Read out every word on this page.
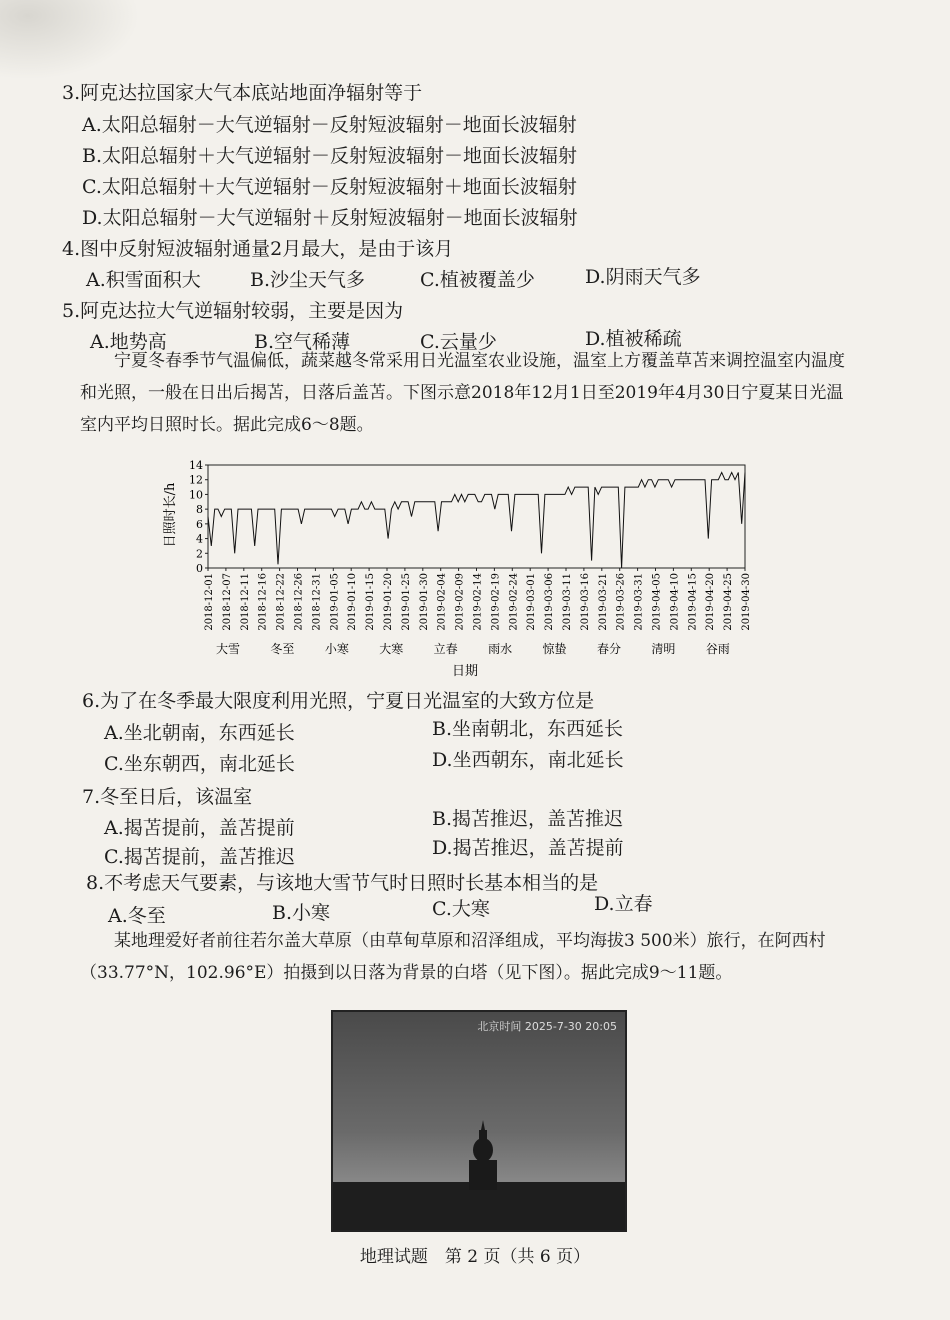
3.阿克达拉国家大气本底站地面净辐射等于
A.太阳总辐射－大气逆辐射－反射短波辐射－地面长波辐射
B.太阳总辐射＋大气逆辐射－反射短波辐射－地面长波辐射
C.太阳总辐射＋大气逆辐射－反射短波辐射＋地面长波辐射
D.太阳总辐射－大气逆辐射＋反射短波辐射－地面长波辐射
4.图中反射短波辐射通量2月最大，是由于该月
A.积雪面积大	B.沙尘天气多	C.植被覆盖少	D.阴雨天气多
5.阿克达拉大气逆辐射较弱，主要是因为
A.地势高	B.空气稀薄	C.云量少	D.植被稀疏
宁夏冬春季节气温偏低，蔬菜越冬常采用日光温室农业设施，温室上方覆盖草苫来调控温室内温度和光照，一般在日出后揭苫，日落后盖苫。下图示意2018年12月1日至2019年4月30日宁夏某日光温室内平均日照时长。据此完成6～8题。
0
2
4
6
8
10
12
14
2018-12-01 2018-12-07 2018-12-11 2018-12-16 2018-12-22 2018-12-26 2018-12-31 2019-01-05 2019-01-10 2019-01-15 2019-01-20 2019-01-25 2019-01-30 2019-02-04 2019-02-09 2019-02-14 2019-02-19 2019-02-24 2019-03-01 2019-03-06 2019-03-11 2019-03-16 2019-03-21 2019-03-26 2019-03-31 2019-04-05 2019-04-10 2019-04-15 2019-04-20 2019-04-25 2019-04-30
大雪	冬至	小寒	大寒	立春	雨水	惊蛰	春分	清明	谷雨
日照时长/h
日期
6.为了在冬季最大限度利用光照，宁夏日光温室的大致方位是
A.坐北朝南，东西延长	B.坐南朝北，东西延长
C.坐东朝西，南北延长	D.坐西朝东，南北延长
7.冬至日后，该温室
A.揭苫提前，盖苫提前	B.揭苫推迟，盖苫推迟
C.揭苫提前，盖苫推迟	D.揭苫推迟，盖苫提前
8.不考虑天气要素，与该地大雪节气时日照时长基本相当的是
A.冬至	B.小寒	C.大寒	D.立春
某地理爱好者前往若尔盖大草原（由草甸草原和沼泽组成，平均海拔3 500米）旅行，在阿西村（33.77°N，102.96°E）拍摄到以日落为背景的白塔（见下图）。据此完成9～11题。
北京时间 2025-7-30 20:05
地理试题　第 2 页（共 6 页）
